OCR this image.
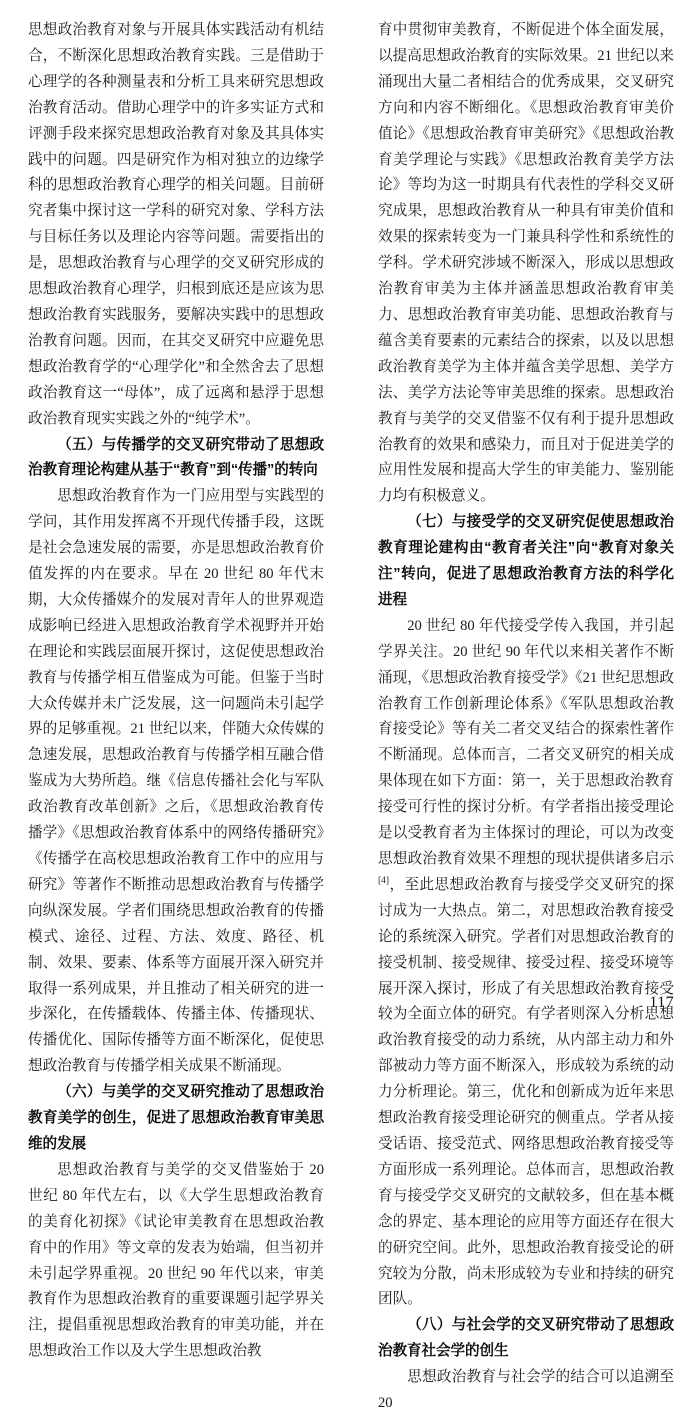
思想政治教育对象与开展具体实践活动有机结合，不断深化思想政治教育实践。三是借助于心理学的各种测量表和分析工具来研究思想政治教育活动。借助心理学中的许多实证方式和评测手段来探究思想政治教育对象及其具体实践中的问题。四是研究作为相对独立的边缘学科的思想政治教育心理学的相关问题。目前研究者集中探讨这一学科的研究对象、学科方法与目标任务以及理论内容等问题。需要指出的是，思想政治教育与心理学的交叉研究形成的思想政治教育心理学，归根到底还是应该为思想政治教育实践服务，要解决实践中的思想政治教育问题。因而，在其交叉研究中应避免思想政治教育学的“心理学化”和全然舍去了思想政治教育这一“母体”，成了远离和悬浮于思想政治教育现实实践之外的“纯学术”。

（五）与传播学的交叉研究带动了思想政治教育理论构建从基于“教育”到“传播”的转向

思想政治教育作为一门应用型与实践型的学问，其作用发挥离不开现代传播手段，这既是社会急速发展的需要，亦是思想政治教育价值发挥的内在要求。早在 20 世纪 80 年代末期，大众传播媒介的发展对青年人的世界观造成影响已经进入思想政治教育学术视野并开始在理论和实践层面展开探讨，这促使思想政治教育与传播学相互借鉴成为可能。但鉴于当时大众传媒并未广泛发展，这一问题尚未引起学界的足够重视。21 世纪以来，伴随大众传媒的急速发展，思想政治教育与传播学相互融合借鉴成为大势所趋。继《信息传播社会化与军队政治教育改革创新》之后，《思想政治教育传播学》《思想政治教育体系中的网络传播研究》《传播学在高校思想政治教育工作中的应用与研究》等著作不断推动思想政治教育与传播学向纵深发展。学者们围绕思想政治教育的传播模式、途径、过程、方法、效度、路径、机制、效果、要素、体系等方面展开深入研究并取得一系列成果，并且推动了相关研究的进一步深化，在传播载体、传播主体、传播现状、传播优化、国际传播等方面不断深化，促使思想政治教育与传播学相关成果不断涌现。

（六）与美学的交叉研究推动了思想政治教育美学的创生，促进了思想政治教育审美思维的发展

思想政治教育与美学的交叉借鉴始于 20 世纪 80 年代左右，以《大学生思想政治教育的美育化初探》《试论审美教育在思想政治教育中的作用》等文章的发表为始端，但当初并未引起学界重视。20 世纪 90 年代以来，审美教育作为思想政治教育的重要课题引起学界关注，提倡重视思想政治教育的审美功能，并在思想政治工作以及大学生思想政治教

育中贯彻审美教育，不断促进个体全面发展，以提高思想政治教育的实际效果。21 世纪以来涌现出大量二者相结合的优秀成果，交叉研究方向和内容不断细化。《思想政治教育审美价值论》《思想政治教育审美研究》《思想政治教育美学理论与实践》《思想政治教育美学方法论》等均为这一时期具有代表性的学科交叉研究成果，思想政治教育从一种具有审美价值和效果的探索转变为一门兼具科学性和系统性的学科。学术研究涉域不断深入，形成以思想政治教育审美为主体并涵盖思想政治教育审美力、思想政治教育审美功能、思想政治教育与蕴含美育要素的元素结合的探索，以及以思想政治教育美学为主体并蕴含美学思想、美学方法、美学方法论等审美思维的探索。思想政治教育与美学的交叉借鉴不仅有利于提升思想政治教育的效果和感染力，而且对于促进美学的应用性发展和提高大学生的审美能力、鉴别能力均有积极意义。

（七）与接受学的交叉研究促使思想政治教育理论建构由“教育者关注”向“教育对象关注”转向，促进了思想政治教育方法的科学化进程

20 世纪 80 年代接受学传入我国，并引起学界关注。20 世纪 90 年代以来相关著作不断涌现，《思想政治教育接受学》《21 世纪思想政治教育工作创新理论体系》《军队思想政治教育接受论》等有关二者交叉结合的探索性著作不断涌现。总体而言，二者交叉研究的相关成果体现在如下方面：第一，关于思想政治教育接受可行性的探讨分析。有学者指出接受理论是以受教育者为主体探讨的理论，可以为改变思想政治教育效果不理想的现状提供诸多启示[4]，至此思想政治教育与接受学交叉研究的探讨成为一大热点。第二，对思想政治教育接受论的系统深入研究。学者们对思想政治教育的接受机制、接受规律、接受过程、接受环境等展开深入探讨，形成了有关思想政治教育接受较为全面立体的研究。有学者则深入分析思想政治教育接受的动力系统，从内部主动力和外部被动力等方面不断深入，形成较为系统的动力分析理论。第三，优化和创新成为近年来思想政治教育接受理论研究的侧重点。学者从接受话语、接受范式、网络思想政治教育接受等方面形成一系列理论。总体而言，思想政治教育与接受学交叉研究的文献较多，但在基本概念的界定、基本理论的应用等方面还存在很大的研究空间。此外，思想政治教育接受论的研究较为分散，尚未形成较为专业和持续的研究团队。

（八）与社会学的交叉研究带动了思想政治教育社会学的创生

思想政治教育与社会学的结合可以追溯至 20

117
